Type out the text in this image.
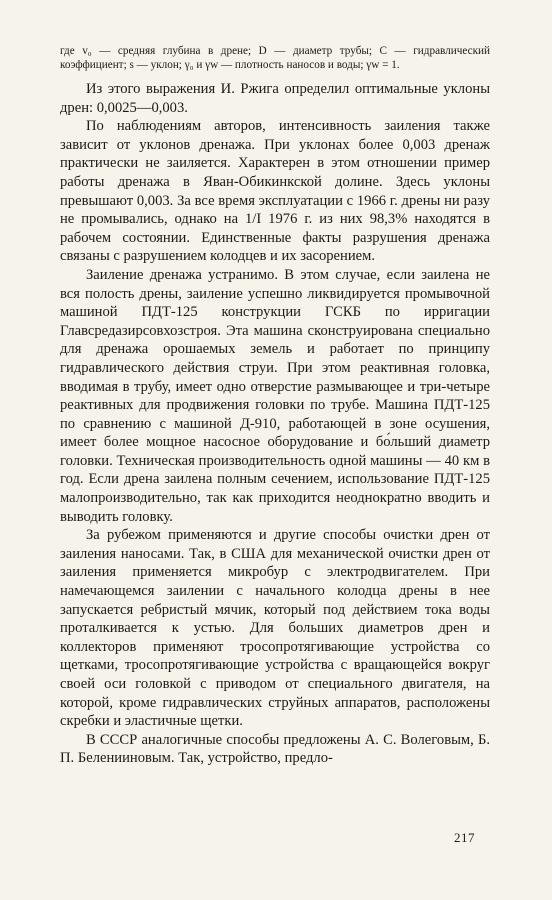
где v₀ — средняя глубина в дрене; D — диаметр трубы; C — гидравлический коэффициент; s — уклон; γ₀ и γw — плотность наносов и воды; γw = 1.

Из этого выражения И. Ржига определил оптимальные уклоны дрен: 0,0025—0,003.

По наблюдениям авторов, интенсивность заиления также зависит от уклонов дренажа. При уклонах более 0,003 дренаж практически не заиляется. Характерен в этом отношении пример работы дренажа в Яван-Обикинкской долине. Здесь уклоны превышают 0,003. За все время эксплуатации с 1966 г. дрены ни разу не промывались, однако на 1/I 1976 г. из них 98,3% находятся в рабочем состоянии. Единственные факты разрушения дренажа связаны с разрушением колодцев и их засорением.

Заиление дренажа устранимо. В этом случае, если заилена не вся полость дрены, заиление успешно ликвидируется промывочной машиной ПДТ-125 конструкции ГСКБ по ирригации Главсредазирсовхозстроя. Эта машина сконструирована специально для дренажа орошаемых земель и работает по принципу гидравлического действия струи. При этом реактивная головка, вводимая в трубу, имеет одно отверстие размывающее и три-четыре реактивных для продвижения головки по трубе. Машина ПДТ-125 по сравнению с машиной Д-910, работающей в зоне осушения, имеет более мощное насосное оборудование и бо́льший диаметр головки. Техническая производительность одной машины — 40 км в год. Если дрена заилена полным сечением, использование ПДТ-125 малопроизводительно, так как приходится неоднократно вводить и выводить головку.

За рубежом применяются и другие способы очистки дрен от заиления наносами. Так, в США для механической очистки дрен от заиления применяется микробур с электродвигателем. При намечающемся заилении с начального колодца дрены в нее запускается ребристый мячик, который под действием тока воды проталкивается к устью. Для больших диаметров дрен и коллекторов применяют тросопротягивающие устройства со щетками, тросопротягивающие устройства с вращающейся вокруг своей оси головкой с приводом от специального двигателя, на которой, кроме гидравлических струйных аппаратов, расположены скребки и эластичные щетки.

В СССР аналогичные способы предложены А. С. Волеговым, Б. П. Беленииновым. Так, устройство, предло-

217
